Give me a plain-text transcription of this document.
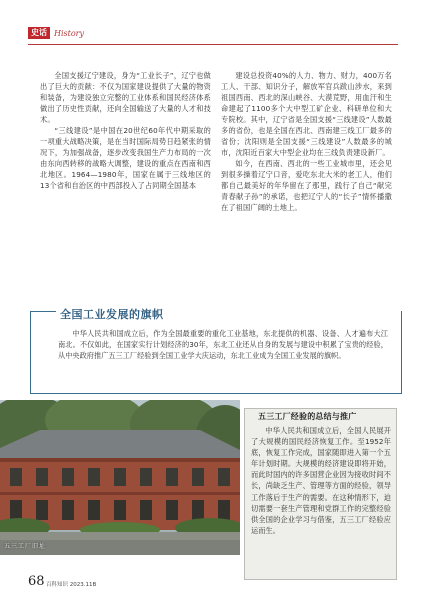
史话 History

全国支援辽宁建设，身为“工业长子”，辽宁也做出了巨大的贡献：不仅为国家建设提供了大量的物资和装备，为建设独立完整的工业体系和国民经济体系做出了历史性贡献，还向全国输送了大量的人才和技术。

“三线建设”是中国在20世纪60年代中期采取的一项重大战略决策，是在当时国际局势日趋紧张的情况下，为加强战备，逐步改变我国生产力布局的一次由东向西转移的战略大调整，建设的重点在西南和西北地区。1964—1980年，国家在属于三线地区的13个省和自治区的中西部投入了占同期全国基本

建设总投资40%的人力、物力、财力，400万名工人、干部、知识分子，解放军官兵跋山涉水，来到祖国西南、西北的深山峡谷、大漠荒野，用血汗和生命建起了1100多个大中型工矿企业、科研单位和大专院校。其中，辽宁省是全国支援“三线建设”人数最多的省份，也是全国在西北、西南建三线工厂最多的省份；沈阳则是全国支援“三线建设”人数最多的城市，沈阳近百家大中型企业均在三线负责建设新厂。

如今，在西南、西北的一些工业城市里，还会见到很多操着辽宁口音，爱吃东北大米的老工人，他们都自己最美好的年华留在了那里，践行了自己“献完青春献子孙”的承诺，也把辽宁人的“长子”情怀播撒在了祖国广阔的土地上。

全国工业发展的旗帜

中华人民共和国成立后，作为全国最重要的重化工业基地，东北提供的机器、设备、人才遍布大江南北。不仅如此，在国家实行计划经济的30年，东北工业还从自身的发展与建设中积累了宝贵的经验，从中央政府推广五三工厂经验到全国工业学大庆运动，东北工业成为全国工业发展的旗帜。

五三工厂旧址
五三工厂经验的总结与推广

中华人民共和国成立后，全国人民展开了大规模的国民经济恢复工作。至1952年底，恢复工作完成，国家随即进入第一个五年计划时期。大规模的经济建设即将开始，而此时国内的许多国营企业因为接收时间不长，尚缺乏生产、管理等方面的经验，领导工作落后于生产的需要。在这种情形下，迫切需要一套生产管理和党群工作的完整经验供全国的企业学习与借鉴，五三工厂经验应运而生。

68 百科知识 2023.11B
